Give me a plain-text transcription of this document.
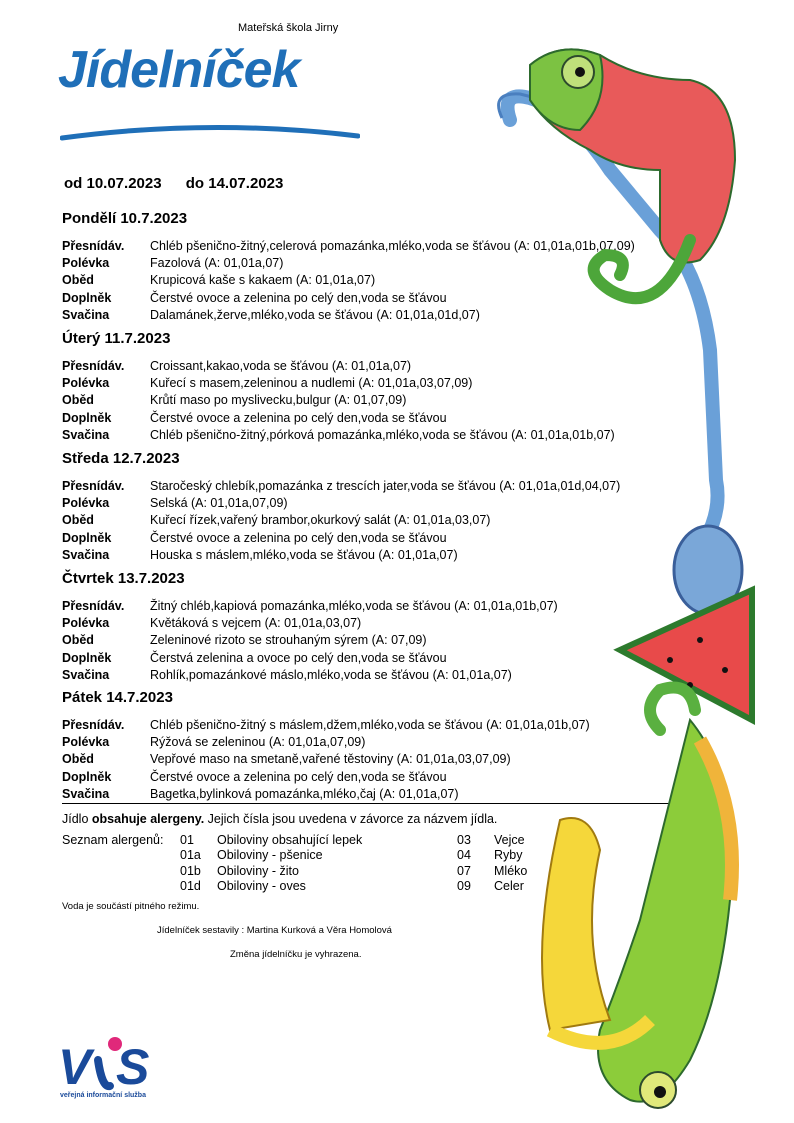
Mateřská škola Jirny
Jídelníček
od 10.07.2023 do 14.07.2023
Pondělí 10.7.2023
Přesnídáv. Chléb pšeničnо-žitný,celerová pomazánka,mléko,voda se šťávou (A: 01,01a,01b,07,09)
Polévka	Fazolová (A: 01,01a,07)
Oběd	Krupicová kaše s kakaem (A: 01,01a,07)
Doplněk	Čerstvé ovoce a zelenina po celý den,voda se šťávou
Svačina	Dalamánek,žerve,mléko,voda se šťávou (A: 01,01a,01d,07)
Úterý 11.7.2023
Přesnídáv. Croissant,kakao,voda se šťávou (A: 01,01a,07)
Polévka	Kuřecí s masem,zeleninou a nudlemi (A: 01,01a,03,07,09)
Oběd	Krůtí maso po myslivecku,bulgur (A: 01,07,09)
Doplněk	Čerstvé ovoce a zelenina po celý den,voda se šťávou
Svačina	Chléb pšeničnо-žitný,pórková pomazánka,mléko,voda se šťávou (A: 01,01a,01b,07)
Středa 12.7.2023
Přesnídáv. Staročeský chlebík,pomazánka z trescích jater,voda se šťávou (A: 01,01a,01d,04,07)
Polévka	Selská (A: 01,01a,07,09)
Oběd	Kuřecí řízek,vařený brambor,okurkový salát (A: 01,01a,03,07)
Doplněk	Čerstvé ovoce a zelenina po celý den,voda se šťávou
Svačina	Houska s máslem,mléko,voda se šťávou (A: 01,01a,07)
Čtvrtek 13.7.2023
Přesnídáv. Žitný chléb,kapiová pomazánka,mléko,voda se šťávou (A: 01,01a,01b,07)
Polévka	Květáková s vejcem (A: 01,01a,03,07)
Oběd	Zeleninové rizoto se strouhaným sýrem (A: 07,09)
Doplněk	Čerstvá zelenina a ovoce po celý den,voda se šťávou
Svačina	Rohlík,pomazánkové máslo,mléko,voda se šťávou (A: 01,01a,07)
Pátek 14.7.2023
Přesnídáv. Chléb pšeničnо-žitný s máslem,džem,mléko,voda se šťávou (A: 01,01a,01b,07)
Polévka	Rýžová se zeleninou (A: 01,01a,07,09)
Oběd	Vepřové maso na smetaně,vařené těstoviny (A: 01,01a,03,07,09)
Doplněk	Čerstvé ovoce a zelenina po celý den,voda se šťávou
Svačina	Bagetka,bylinková pomazánka,mléko,čaj (A: 01,01a,07)
Jídlo obsahuje alergeny. Jejich čísla jsou uvedena v závorce za názvem jídla.
Seznam alergenů: 01 Obiloviny obsahující lepek
01a Obiloviny - pšenice
01b Obiloviny - žito
01d Obiloviny - oves
03 Vejce
04 Ryby
07 Mléko
09 Celer
Voda je součástí pitného režimu.
Jídelníček sestavily : Martina Kurková a Věra Homolová
Změna jídelníčku je vyhrazena.
V S
veřejná informační služba
